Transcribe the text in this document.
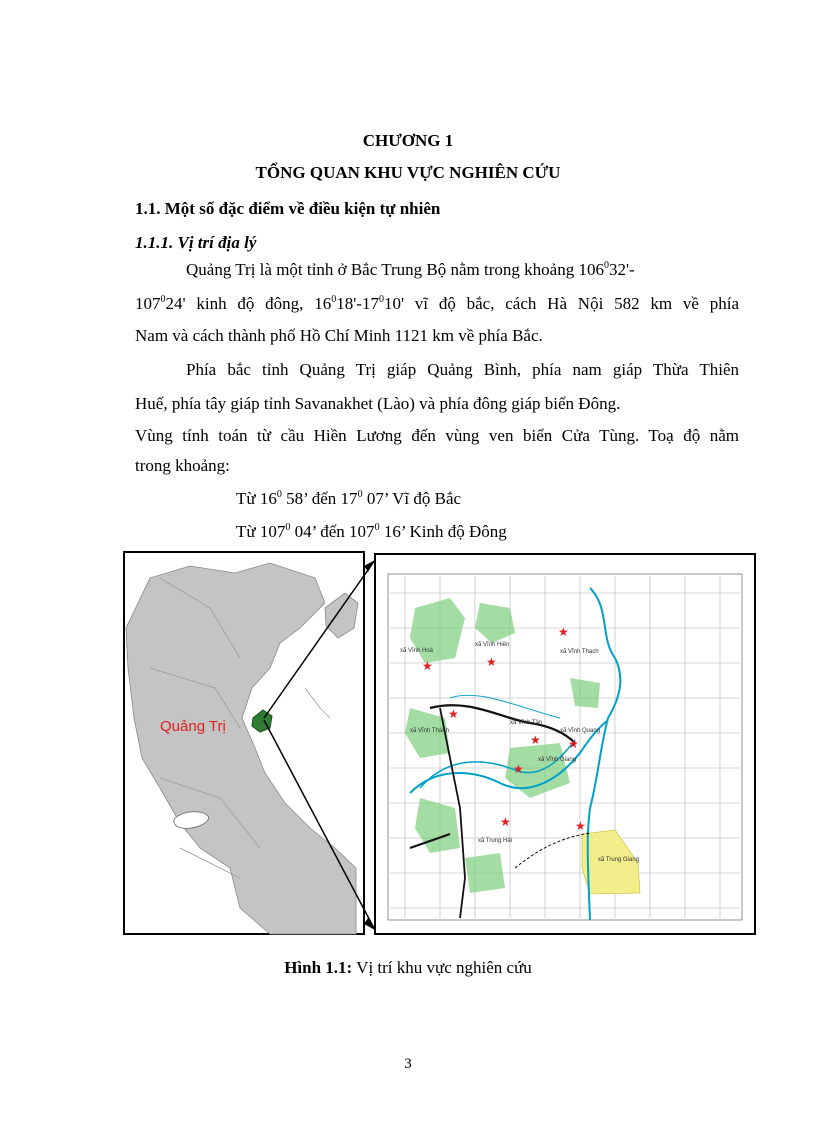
CHƯƠNG 1
TỔNG QUAN KHU VỰC NGHIÊN CỨU
1.1. Một số đặc điểm về điều kiện tự nhiên
1.1.1. Vị trí địa lý
Quảng Trị là một tỉnh ở Bắc Trung Bộ nằm trong khoảng $106^032'-$
$107^024'$ kinh độ đông, $16^018'-17^010'$ vĩ độ bắc, cách Hà Nội 582 km về phía
Nam và cách thành phố Hồ Chí Minh 1121 km về phía Bắc.
Phía bắc tỉnh Quảng Trị giáp Quảng Bình, phía nam giáp Thừa Thiên
Huế, phía tây giáp tỉnh Savanakhet (Lào) và phía đông giáp biển Đông.
Vùng tính toán từ cầu Hiền Lương đến vùng ven biển Cửa Tùng. Toạ độ nằm
trong khoảng:
Từ $16^0$ 58’ đến $17^0$ 07’ Vĩ độ Bắc
Từ $107^0$ 04’ đến $107^0$ 16’ Kinh độ Đông
Quảng Trị
★	★
★
★
★ ★
★
★	★
xã Vĩnh Hoà
xã Vĩnh Hiền
xã Vĩnh Thạch
xã Vĩnh Thành
xã Vĩnh Tân
xã Vĩnh Quang
xã Vĩnh Giang
xã Trung Hải
xã Trung Giang
Hình 1.1: Vị trí khu vực nghiên cứu
3
